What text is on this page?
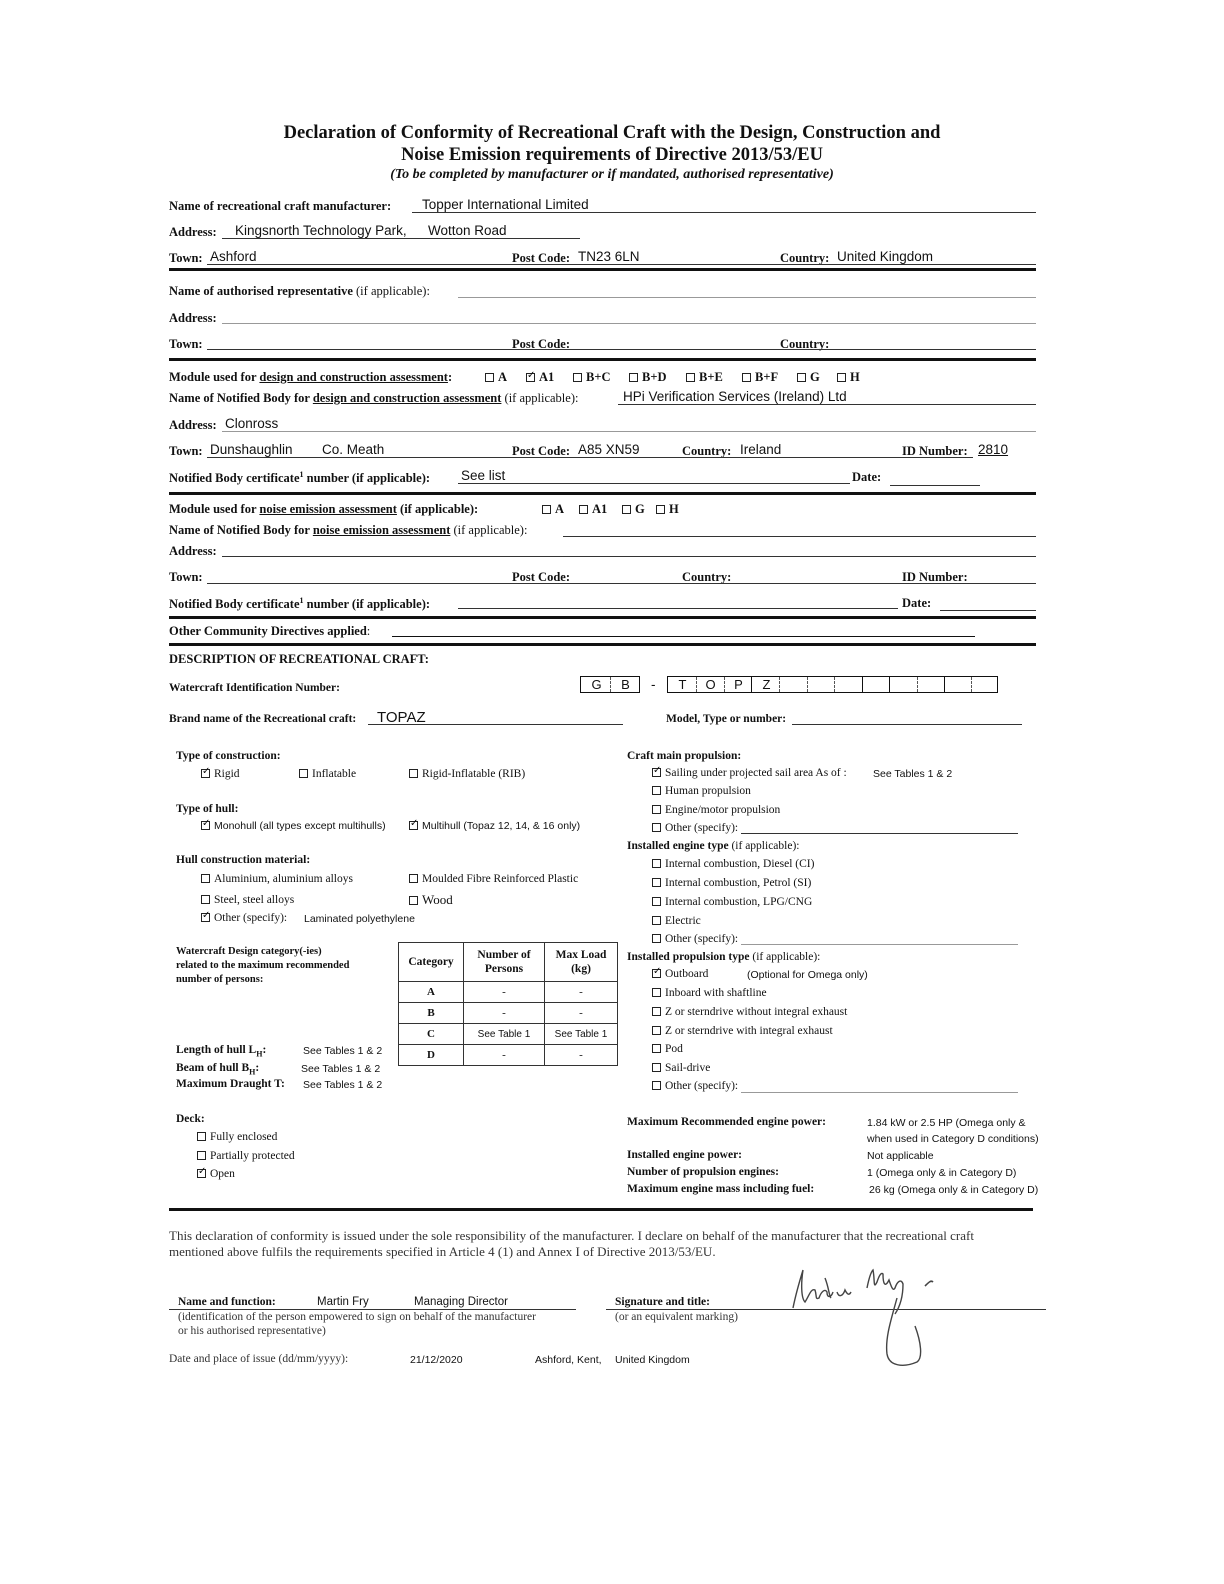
Declaration of Conformity of Recreational Craft with the Design, Construction and
Noise Emission requirements of Directive 2013/53/EU
(To be completed by manufacturer or if mandated, authorised representative)
Name of recreational craft manufacturer: Topper International Limited
Address: Kingsnorth Technology Park, Wotton Road
Town: Ashford	Post Code: TN23 6LN	Country: United Kingdom
Name of authorised representative (if applicable):
Address:
Town:	Post Code:	Country:
Module used for design and construction assessment:	A ✓	A1	B+C	B+D	B+E	B+F	G	H
Name of Notified Body for design and construction assessment (if applicable):	HPi Verification Services (Ireland) Ltd
Address: Clonross
Town: Dunshaughlin Co. Meath	Post Code: A85 XN59	Country: Ireland	ID Number: 2810
Notified Body certificate$^1$ number (if applicable): See list	Date:
Module used for noise emission assessment (if applicable):	A	A1	G	H
Name of Notified Body for noise emission assessment (if applicable):
Address:
Town:	Post Code:	Country:	ID Number:
Notified Body certificate$^1$ number (if applicable):	Date:
Other Community Directives applied:
DESCRIPTION OF RECREATIONAL CRAFT:
Watercraft Identification Number:	G	B	-	T	O	P	Z
Brand name of the Recreational craft: TOPAZ	Model, Type or number:
Type of construction:
✓Rigid	Inflatable	Rigid-Inflatable (RIB)
Type of hull:
✓Monohull (all types except multihulls) ✓	Multihull (Topaz 12, 14, & 16 only)
Hull construction material:
Aluminium, aluminium alloys	Moulded Fibre Reinforced Plastic
Steel, steel alloys	Wood
✓Other (specify): Laminated polyethylene
Watercraft Design category(-ies)
related to the maximum recommended
number of persons:
Category	Number of Persons	Max Load (kg)
A	-	-
B	-	-
C	See Table 1	See Table 1
D	-	-
Length of hull $L_H$:	See Tables 1 & 2
Beam of hull $B_H$:	See Tables 1 & 2
Maximum Draught T: See Tables 1 & 2
Deck:
Fully enclosed
Partially protected
✓Open
Craft main propulsion:
✓Sailing under projected sail area As of :	See Tables 1 & 2
Human propulsion
Engine/motor propulsion
Other (specify):
Installed engine type (if applicable):
Internal combustion, Diesel (CI)
Internal combustion, Petrol (SI)
Internal combustion, LPG/CNG
Electric
Other (specify):
Installed propulsion type (if applicable):
✓Outboard	(Optional for Omega only)
Inboard with shaftline
Z or sterndrive without integral exhaust
Z or sterndrive with integral exhaust
Pod
Sail-drive
Other (specify):
Maximum Recommended engine power:	1.84 kW or 2.5 HP (Omega only &
when used in Category D conditions)
Installed engine power:	Not applicable
Number of propulsion engines:	1 (Omega only & in Category D)
Maximum engine mass including fuel:	26 kg (Omega only & in Category D)
This declaration of conformity is issued under the sole responsibility of the manufacturer. I declare on behalf of the manufacturer that the recreational craft
mentioned above fulfils the requirements specified in Article 4 (1) and Annex I of Directive 2013/53/EU.
Name and function:	Martin Fry	Managing Director
(identification of the person empowered to sign on behalf of the manufacturer
or his authorised representative)
Signature and title:
(or an equivalent marking)
Date and place of issue (dd/mm/yyyy):	21/12/2020	Ashford, Kent, United Kingdom
